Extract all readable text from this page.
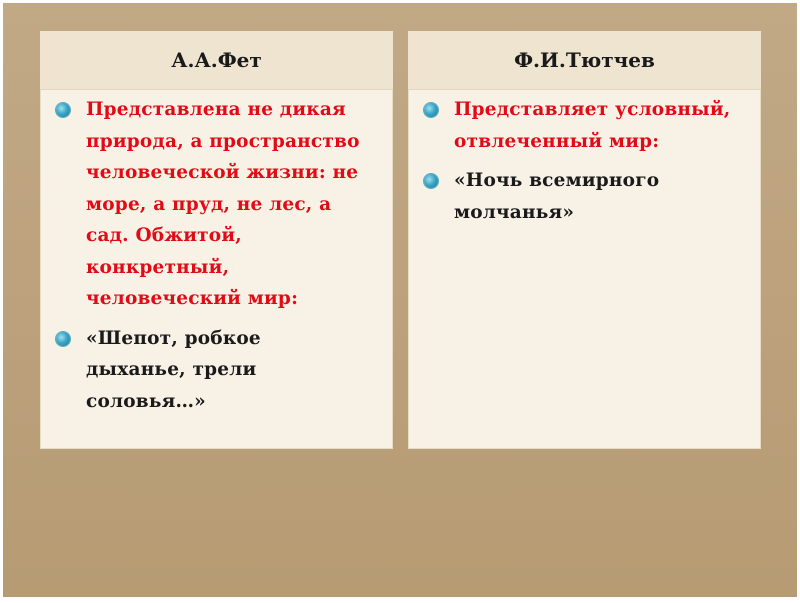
А.А.Фет
Представлена не дикая
природа, а пространство
человеческой жизни: не
море, а пруд, не лес, а
сад. Обжитой,
конкретный,
человеческий мир:
«Шепот, робкое
дыханье, трели
соловья…»
Ф.И.Тютчев
Представляет условный,
отвлеченный мир:
«Ночь всемирного
молчанья»
